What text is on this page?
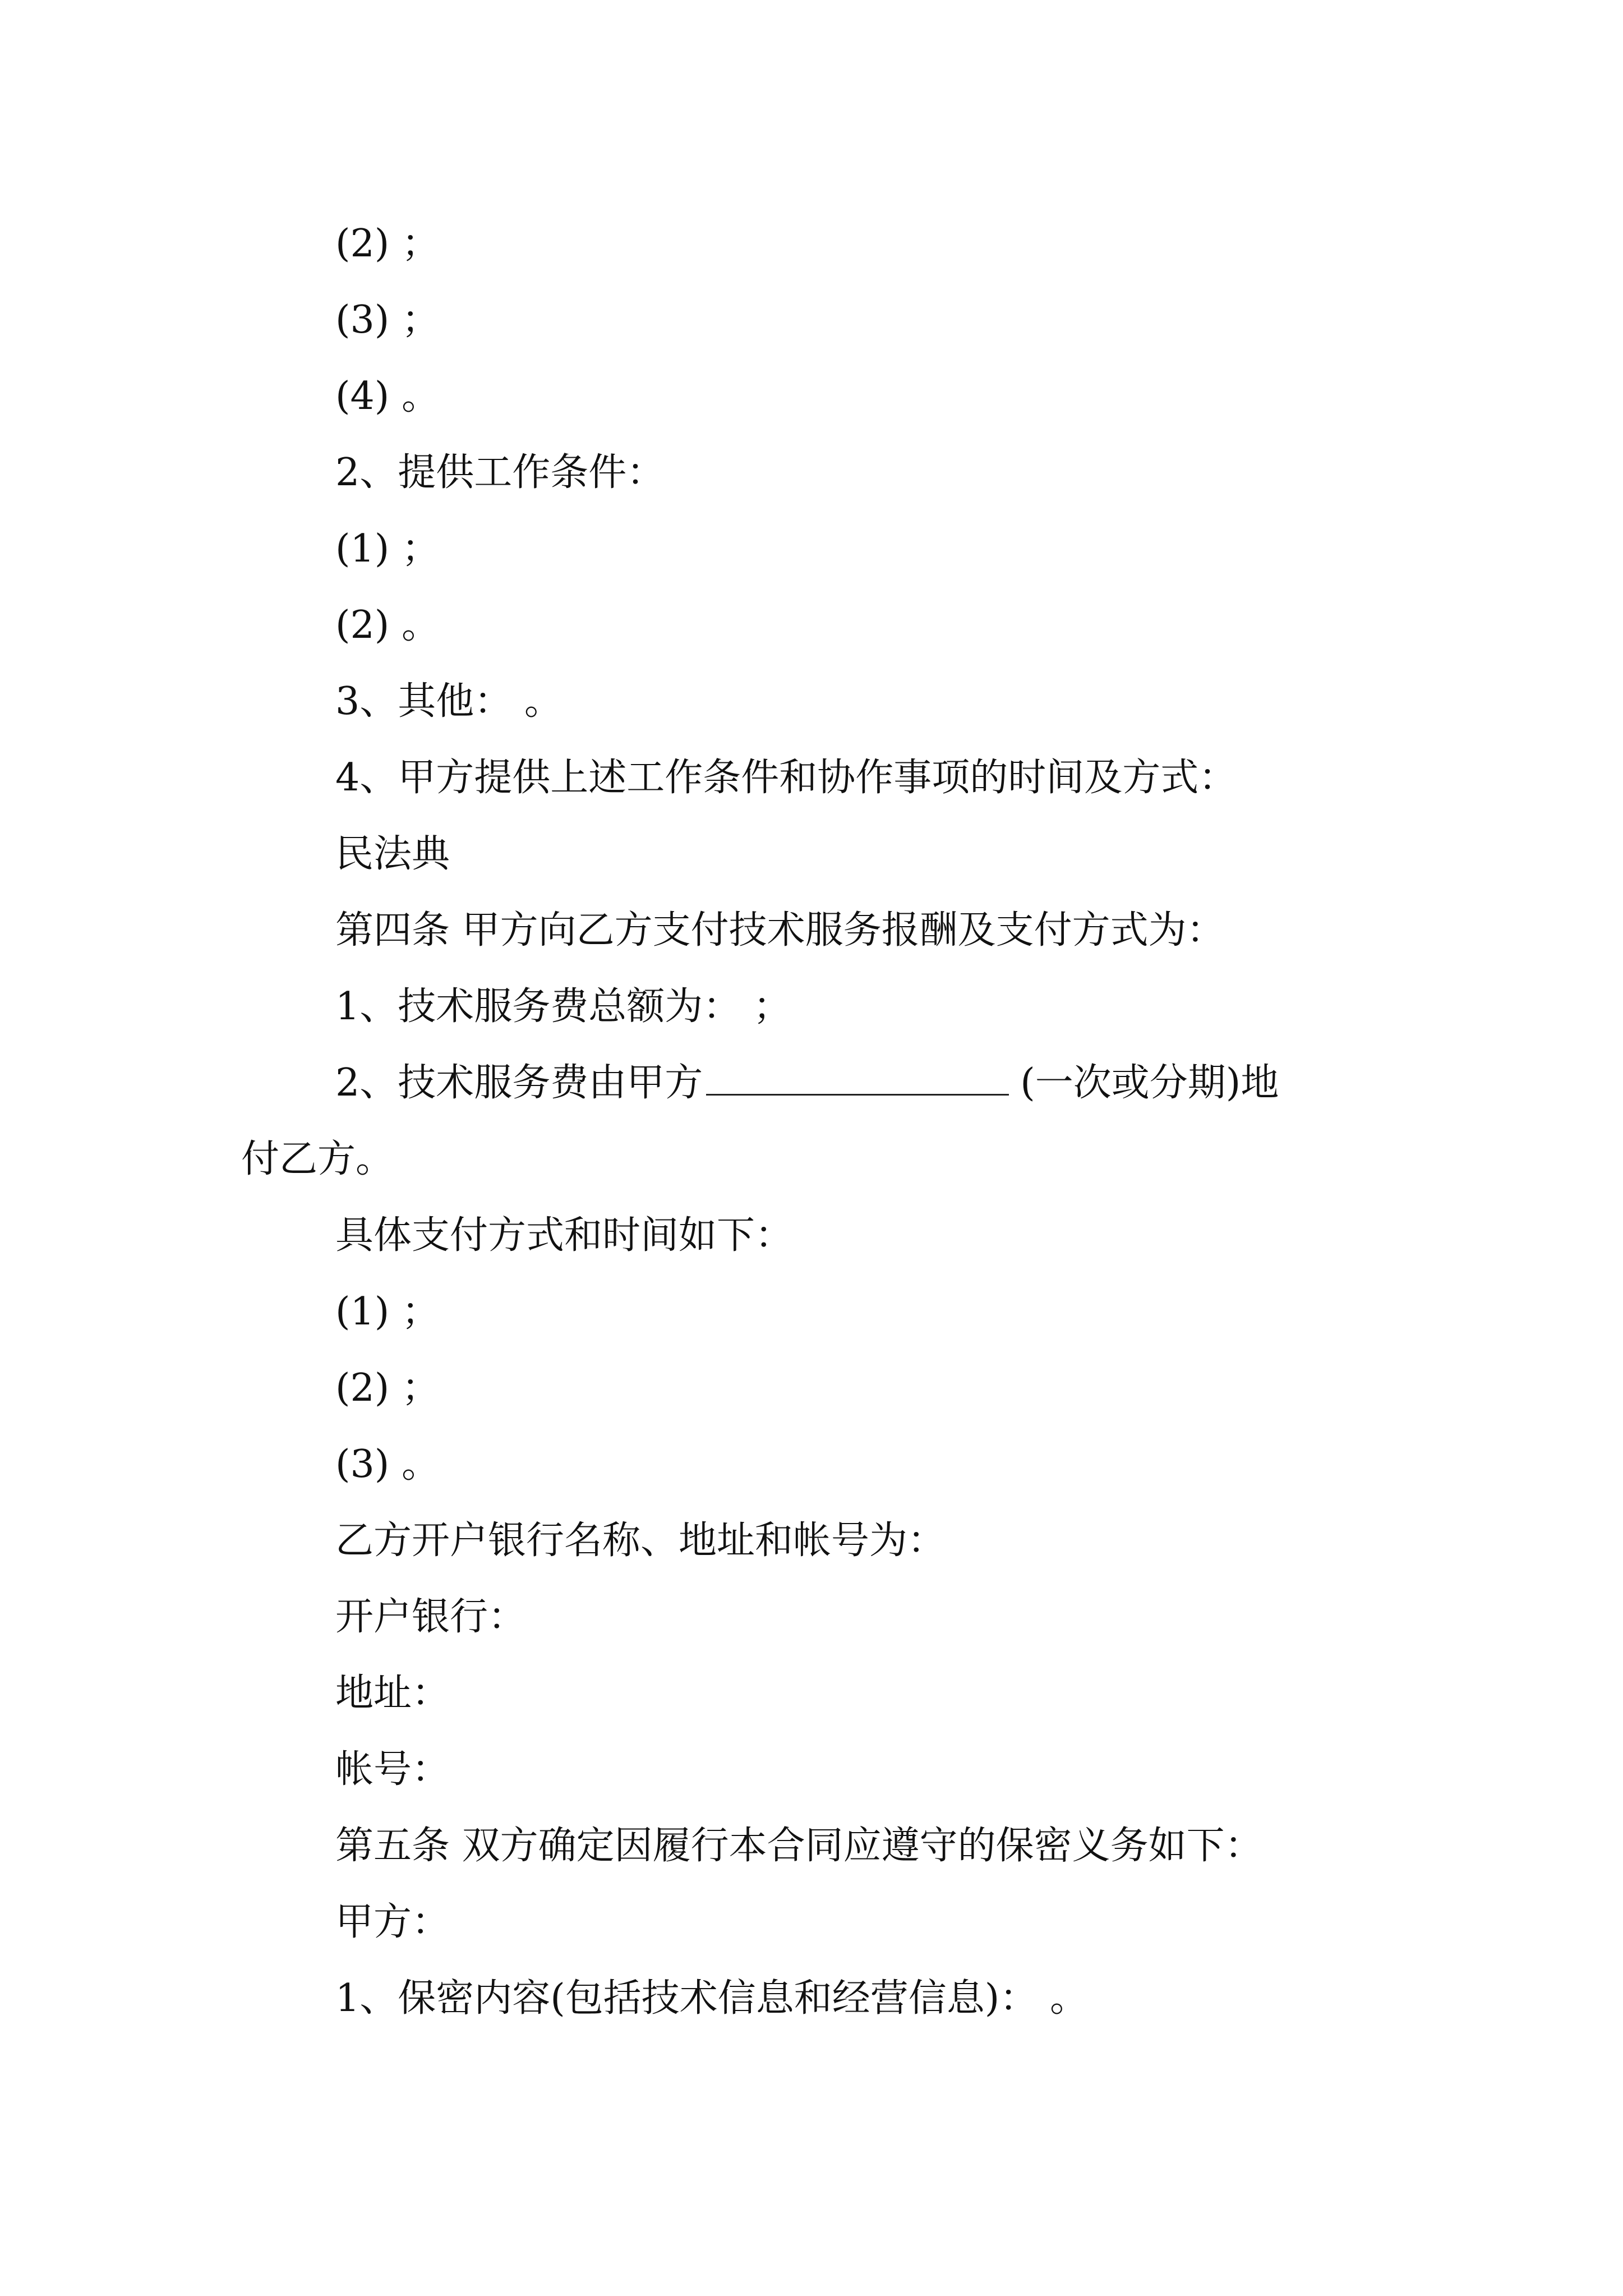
(2) ；
(3) ；
(4) 。
2、提供工作条件：
(1) ；
(2) 。
3、其他： 。
4、甲方提供上述工作条件和协作事项的时间及方式：
民法典
第四条 甲方向乙方支付技术服务报酬及支付方式为：
1、技术服务费总额为： ；
2、技术服务费由甲方	(一次或分期)地
付乙方。
具体支付方式和时间如下：
(1) ；
(2) ；
(3) 。
乙方开户银行名称、地址和帐号为：
开户银行：
地址：
帐号：
第五条 双方确定因履行本合同应遵守的保密义务如下：
甲方：
1、保密内容(包括技术信息和经营信息)： 。
